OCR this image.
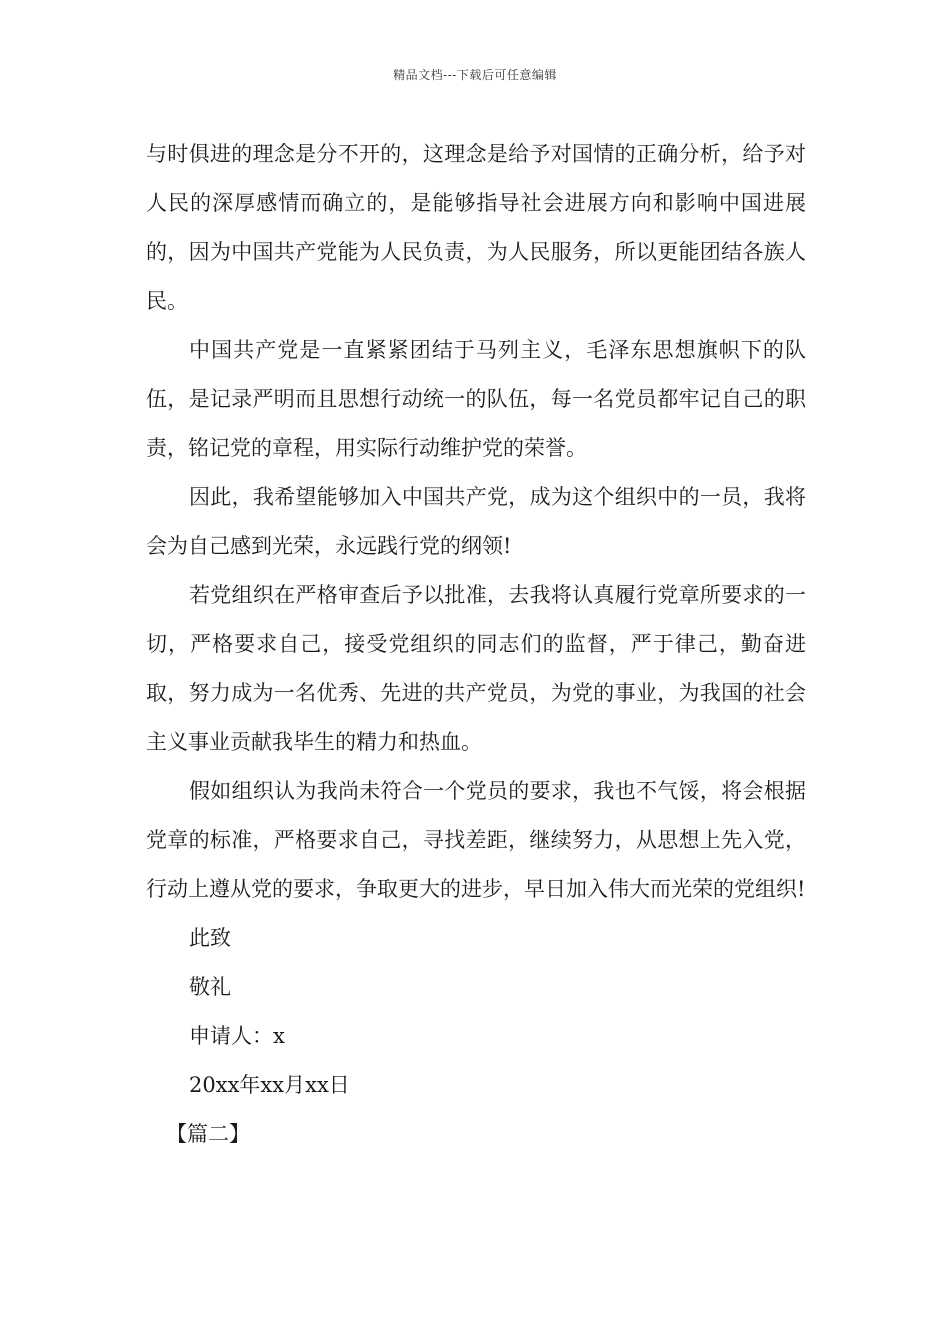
精品文档---下载后可任意编辑

与时俱进的理念是分不开的，这理念是给予对国情的正确分析，给予对人民的深厚感情而确立的，是能够指导社会进展方向和影响中国进展的，因为中国共产党能为人民负责，为人民服务，所以更能团结各族人民。

中国共产党是一直紧紧团结于马列主义，毛泽东思想旗帜下的队伍，是记录严明而且思想行动统一的队伍，每一名党员都牢记自己的职责，铭记党的章程，用实际行动维护党的荣誉。

因此，我希望能够加入中国共产党，成为这个组织中的一员，我将会为自己感到光荣，永远践行党的纲领!

若党组织在严格审查后予以批准，去我将认真履行党章所要求的一切，严格要求自己，接受党组织的同志们的监督，严于律己，勤奋进取，努力成为一名优秀、先进的共产党员，为党的事业，为我国的社会主义事业贡献我毕生的精力和热血。

假如组织认为我尚未符合一个党员的要求，我也不气馁，将会根据党章的标准，严格要求自己，寻找差距，继续努力，从思想上先入党，行动上遵从党的要求，争取更大的进步，早日加入伟大而光荣的党组织!

此致

敬礼

申请人：x

20xx年xx月xx日

【篇二】
